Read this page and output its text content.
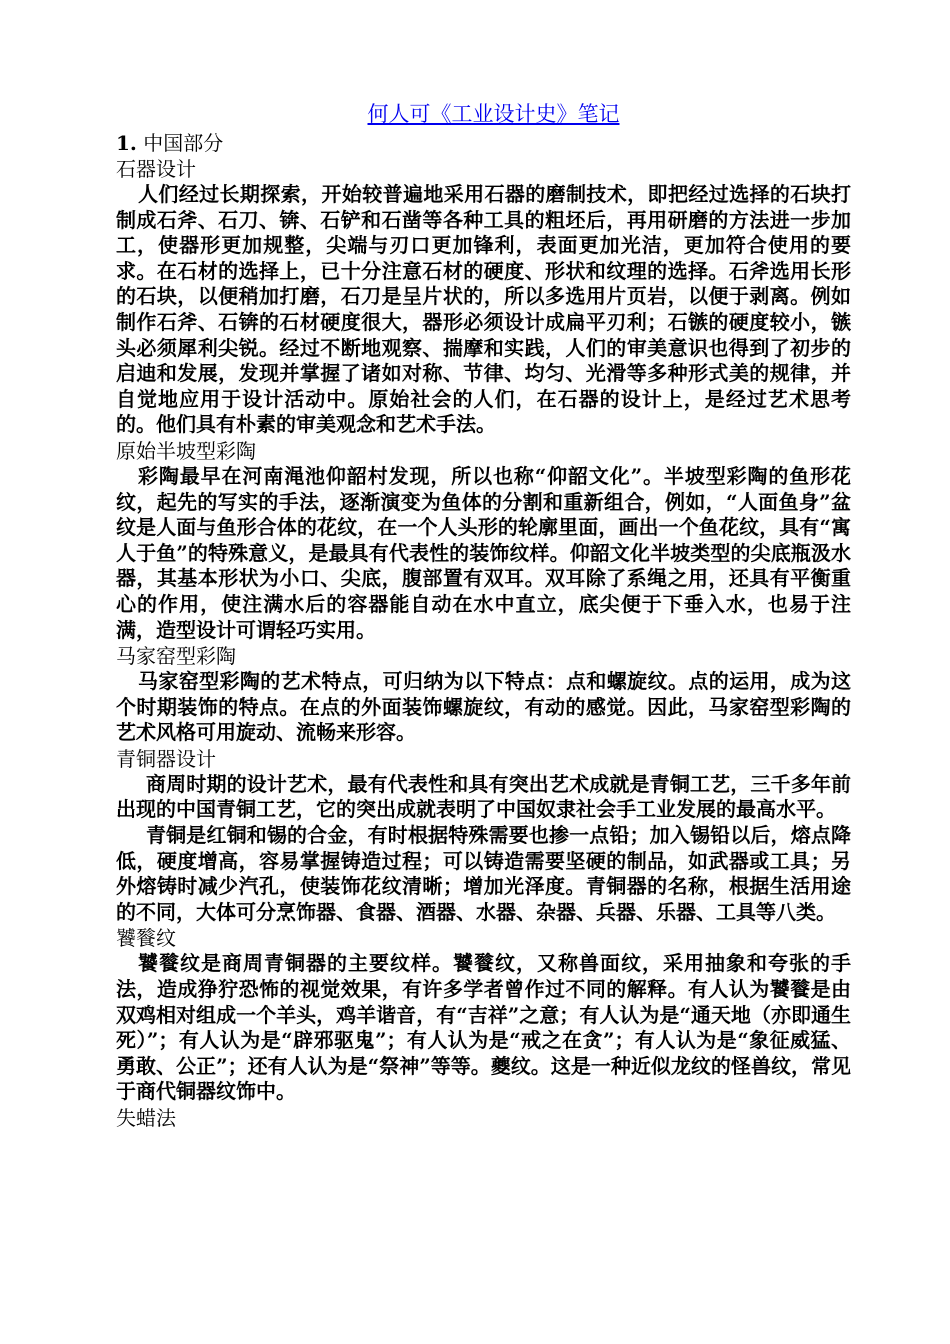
何人可《工业设计史》笔记

1. 中国部分

石器设计

人们经过长期探索，开始较普遍地采用石器的磨制技术，即把经过选择的石块打制成石斧、石刀、锛、石铲和石凿等各种工具的粗坯后，再用研磨的方法进一步加工，使器形更加规整，尖端与刃口更加锋利，表面更加光洁，更加符合使用的要求。在石材的选择上，已十分注意石材的硬度、形状和纹理的选择。石斧选用长形的石块，以便稍加打磨，石刀是呈片状的，所以多选用片页岩，以便于剥离。例如制作石斧、石锛的石材硬度很大，器形必须设计成扁平刃利；石镞的硬度较小，镞头必须犀利尖锐。经过不断地观察、揣摩和实践，人们的审美意识也得到了初步的启迪和发展，发现并掌握了诸如对称、节律、均匀、光滑等多种形式美的规律，并自觉地应用于设计活动中。原始社会的人们，在石器的设计上，是经过艺术思考的。他们具有朴素的审美观念和艺术手法。

原始半坡型彩陶

彩陶最早在河南渑池仰韶村发现，所以也称“仰韶文化”。半坡型彩陶的鱼形花纹，起先的写实的手法，逐渐演变为鱼体的分割和重新组合，例如，“人面鱼身”盆纹是人面与鱼形合体的花纹，在一个人头形的轮廓里面，画出一个鱼花纹，具有“寓人于鱼”的特殊意义，是最具有代表性的装饰纹样。仰韶文化半坡类型的尖底瓶汲水器，其基本形状为小口、尖底，腹部置有双耳。双耳除了系绳之用，还具有平衡重心的作用，使注满水后的容器能自动在水中直立，底尖便于下垂入水，也易于注满，造型设计可谓轻巧实用。

马家窑型彩陶

马家窑型彩陶的艺术特点，可归纳为以下特点：点和螺旋纹。点的运用，成为这个时期装饰的特点。在点的外面装饰螺旋纹，有动的感觉。因此，马家窑型彩陶的艺术风格可用旋动、流畅来形容。

青铜器设计

商周时期的设计艺术，最有代表性和具有突出艺术成就是青铜工艺，三千多年前出现的中国青铜工艺，它的突出成就表明了中国奴隶社会手工业发展的最高水平。

青铜是红铜和锡的合金，有时根据特殊需要也掺一点铅；加入锡铅以后，熔点降低，硬度增高，容易掌握铸造过程；可以铸造需要坚硬的制品，如武器或工具；另外熔铸时减少汽孔，使装饰花纹清晰；增加光泽度。青铜器的名称，根据生活用途的不同，大体可分烹饰器、食器、酒器、水器、杂器、兵器、乐器、工具等八类。

饕餮纹

饕餮纹是商周青铜器的主要纹样。饕餮纹，又称兽面纹，采用抽象和夸张的手法，造成狰狞恐怖的视觉效果，有许多学者曾作过不同的解释。有人认为饕餮是由双鸡相对组成一个羊头，鸡羊谐音，有“吉祥”之意；有人认为是“通天地（亦即通生死）”；有人认为是“辟邪驱鬼”；有人认为是“戒之在贪”；有人认为是“象征威猛、勇敢、公正”；还有人认为是“祭神”等等。夔纹。这是一种近似龙纹的怪兽纹，常见于商代铜器纹饰中。

失蜡法
